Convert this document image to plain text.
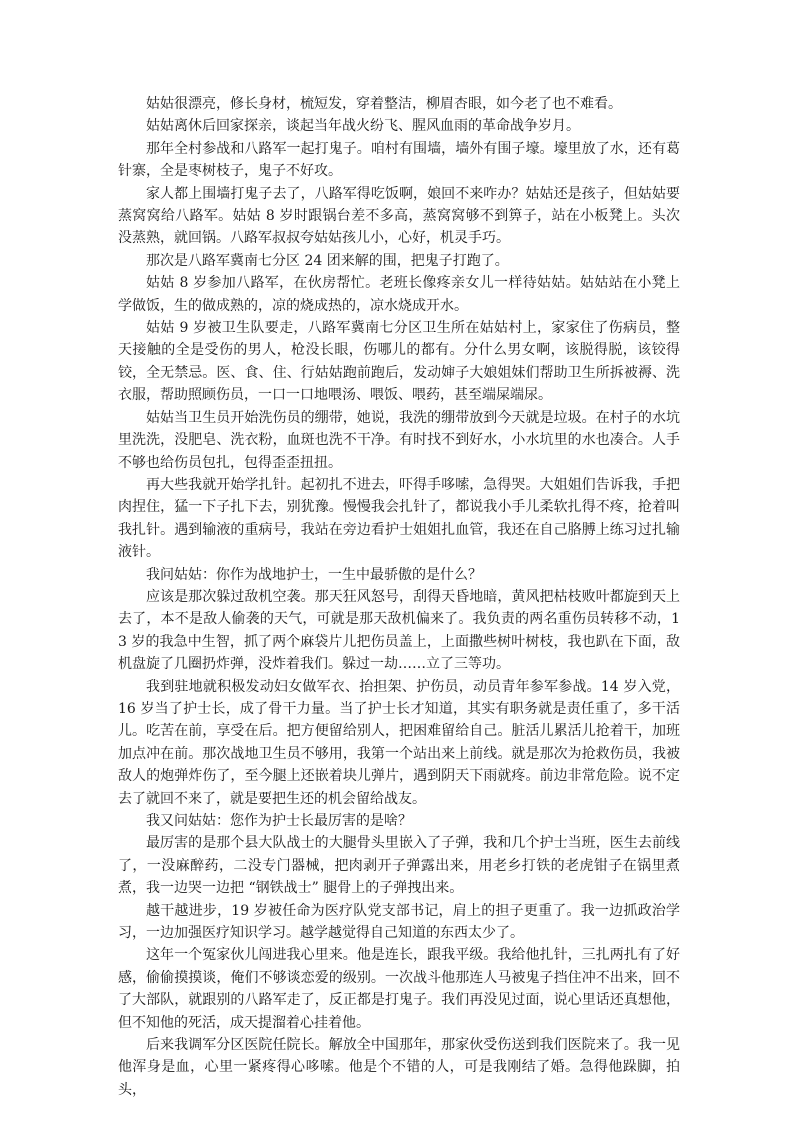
姑姑很漂亮，修长身材，梳短发，穿着整洁，柳眉杏眼，如今老了也不难看。

姑姑离休后回家探亲，谈起当年战火纷飞、腥风血雨的革命战争岁月。

那年全村参战和八路军一起打鬼子。咱村有围墙，墙外有围子壕。壕里放了水，还有葛针寨，全是枣树枝子，鬼子不好攻。

家人都上围墙打鬼子去了，八路军得吃饭啊，娘回不来咋办？姑姑还是孩子，但姑姑要蒸窝窝给八路军。姑姑 8 岁时跟锅台差不多高，蒸窝窝够不到箅子，站在小板凳上。头次没蒸熟，就回锅。八路军叔叔夸姑姑孩儿小，心好，机灵手巧。

那次是八路军冀南七分区 24 团来解的围，把鬼子打跑了。

姑姑 8 岁参加八路军，在伙房帮忙。老班长像疼亲女儿一样待姑姑。姑姑站在小凳上学做饭，生的做成熟的，凉的烧成热的，凉水烧成开水。

姑姑 9 岁被卫生队要走，八路军冀南七分区卫生所在姑姑村上，家家住了伤病员，整天接触的全是受伤的男人，枪没长眼，伤哪儿的都有。分什么男女啊，该脱得脱，该铰得铰，全无禁忌。医、食、住、行姑姑跑前跑后，发动婶子大娘姐妹们帮助卫生所拆被褥、洗衣服，帮助照顾伤员，一口一口地喂汤、喂饭、喂药，甚至端屎端尿。

姑姑当卫生员开始洗伤员的绷带，她说，我洗的绷带放到今天就是垃圾。在村子的水坑里洗洗，没肥皂、洗衣粉，血斑也洗不干净。有时找不到好水，小水坑里的水也凑合。人手不够也给伤员包扎，包得歪歪扭扭。

再大些我就开始学扎针。起初扎不进去，吓得手哆嗦，急得哭。大姐姐们告诉我，手把肉捏住，猛一下子扎下去，别犹豫。慢慢我会扎针了，都说我小手儿柔软扎得不疼，抢着叫我扎针。遇到输液的重病号，我站在旁边看护士姐姐扎血管，我还在自己胳膊上练习过扎输液针。

我问姑姑：你作为战地护士，一生中最骄傲的是什么？

应该是那次躲过敌机空袭。那天狂风怒号，刮得天昏地暗，黄风把枯枝败叶都旋到天上去了，本不是敌人偷袭的天气，可就是那天敌机偏来了。我负责的两名重伤员转移不动，13 岁的我急中生智，抓了两个麻袋片儿把伤员盖上，上面撒些树叶树枝，我也趴在下面，敌机盘旋了几圈扔炸弹，没炸着我们。躲过一劫……立了三等功。

我到驻地就积极发动妇女做军衣、抬担架、护伤员，动员青年参军参战。14 岁入党，16 岁当了护士长，成了骨干力量。当了护士长才知道，其实有职务就是责任重了，多干活儿。吃苦在前，享受在后。把方便留给别人，把困难留给自己。脏活儿累活儿抢着干，加班加点冲在前。那次战地卫生员不够用，我第一个站出来上前线。就是那次为抢救伤员，我被敌人的炮弹炸伤了，至今腿上还嵌着块儿弹片，遇到阴天下雨就疼。前边非常危险。说不定去了就回不来了，就是要把生还的机会留给战友。

我又问姑姑：您作为护士长最厉害的是啥？

最厉害的是那个县大队战士的大腿骨头里嵌入了子弹，我和几个护士当班，医生去前线了，一没麻醉药，二没专门器械，把肉剥开子弹露出来，用老乡打铁的老虎钳子在锅里煮煮，我一边哭一边把 “钢铁战士” 腿骨上的子弹拽出来。

越干越进步，19 岁被任命为医疗队党支部书记，肩上的担子更重了。我一边抓政治学习，一边加强医疗知识学习。越学越觉得自己知道的东西太少了。

这年一个冤家伙儿闯进我心里来。他是连长，跟我平级。我给他扎针，三扎两扎有了好感，偷偷摸摸谈，俺们不够谈恋爱的级别。一次战斗他那连人马被鬼子挡住冲不出来，回不了大部队，就跟别的八路军走了，反正都是打鬼子。我们再没见过面，说心里话还真想他，但不知他的死活，成天提溜着心挂着他。

后来我调军分区医院任院长。解放全中国那年，那家伙受伤送到我们医院来了。我一见他浑身是血，心里一紧疼得心哆嗦。他是个不错的人，可是我刚结了婚。急得他跺脚，拍头，
